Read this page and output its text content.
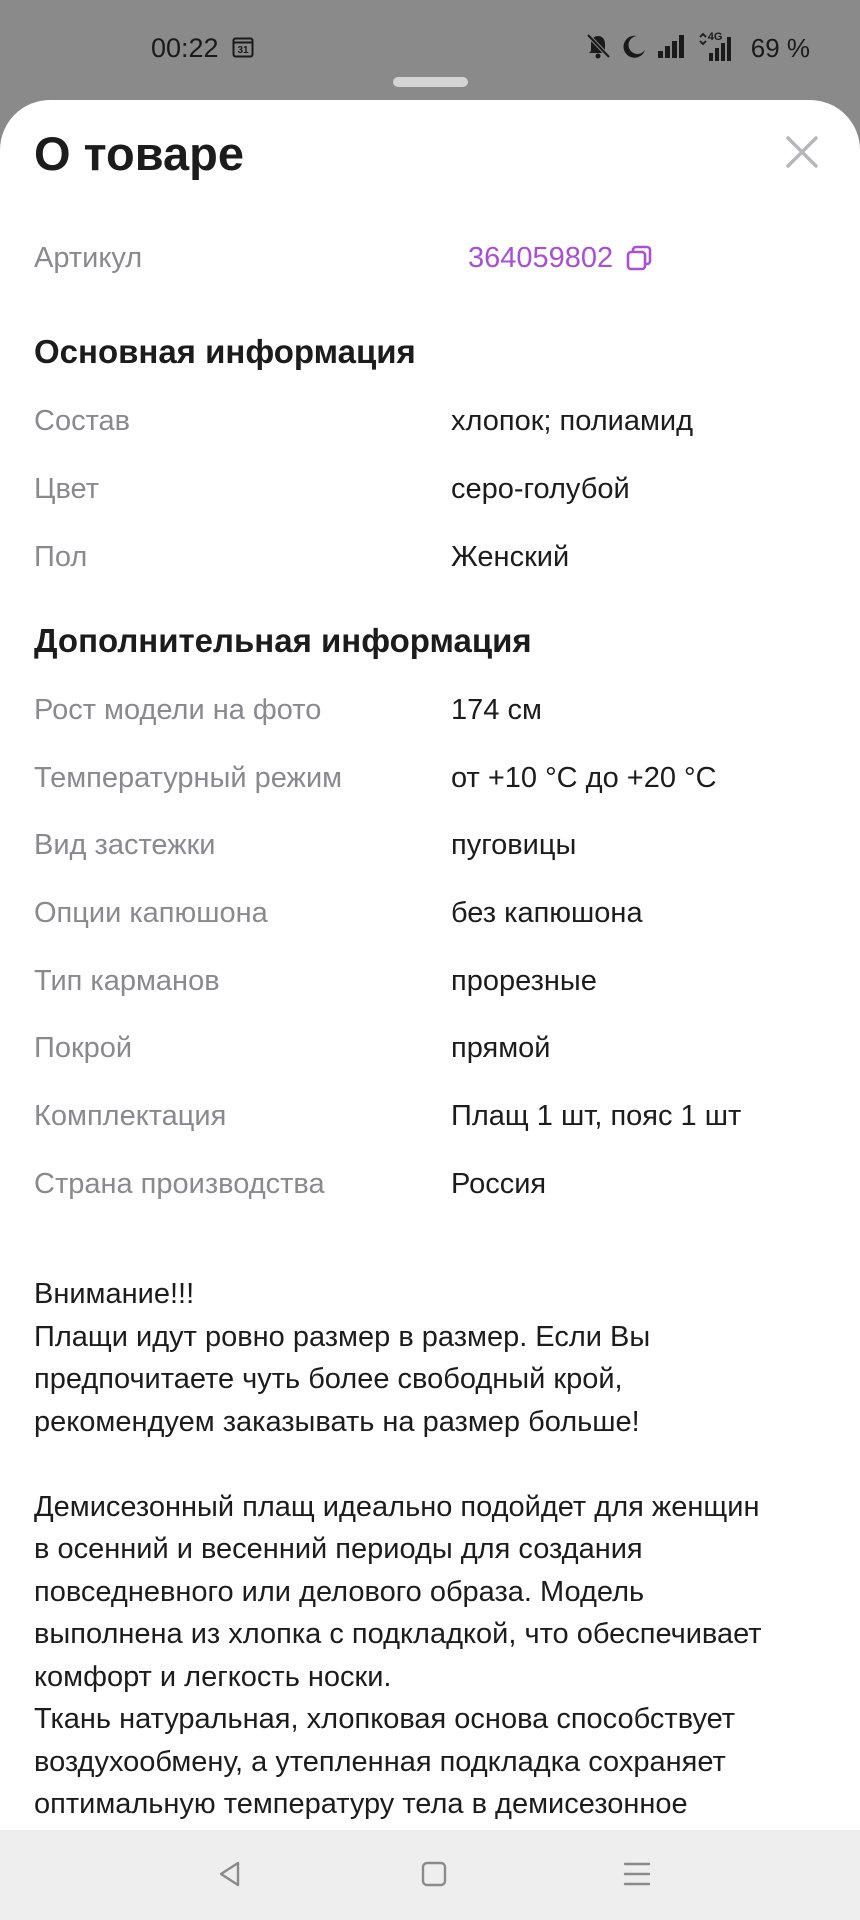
00:22 31
4G 69 %
О товаре
Артикул	364059802
Основная информация
Состав	хлопок; полиамид
Цвет	серо-голубой
Пол	Женский
Дополнительная информация
Рост модели на фото	174 см
Температурный режим	от +10 °C до +20 °C
Вид застежки	пуговицы
Опции капюшона	без капюшона
Тип карманов	прорезные
Покрой	прямой
Комплектация	Плащ 1 шт, пояс 1 шт
Страна производства	Россия

Внимание!!!
Плащи идут ровно размер в размер. Если Вы
предпочитаете чуть более свободный крой,
рекомендуем заказывать на размер больше!

Демисезонный плащ идеально подойдет для женщин
в осенний и весенний периоды для создания
повседневного или делового образа. Модель
выполнена из хлопка с подкладкой, что обеспечивает
комфорт и легкость носки.
Ткань натуральная, хлопковая основа способствует
воздухообмену, а утепленная подкладка сохраняет
оптимальную температуру тела в демисезонное
